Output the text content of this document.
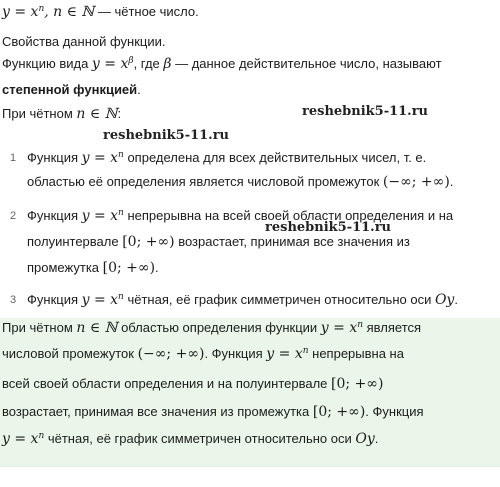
$y = x^n$, n ∈ ℕ — чётное число.
Свойства данной функции.
Функцию вида $y = x^\beta$, где β — данное действительное число, называют
степенной функцией.
При чётном n ∈ ℕ:	reshebnik5-11.ru
reshebnik5-11.ru
reshebnik5-11.ru
1 Функция $y = x^n$ определена для всех действительных чисел, т. е.
областью её определения является числовой промежуток (−∞; +∞).
2 Функция $y = x^n$ непрерывна на всей своей области определения и на
полуинтервале [0; +∞) возрастает, принимая все значения из
промежутка [0; +∞).
3 Функция $y = x^n$ чётная, её график симметричен относительно оси Oy.
При чётном n ∈ ℕ областью определения функции $y = x^n$ является
числовой промежуток (−∞; +∞). Функция $y = x^n$ непрерывна на
всей своей области определения и на полуинтервале [0; +∞)
возрастает, принимая все значения из промежутка [0; +∞). Функция
$y = x^n$ чётная, её график симметричен относительно оси Oy.
